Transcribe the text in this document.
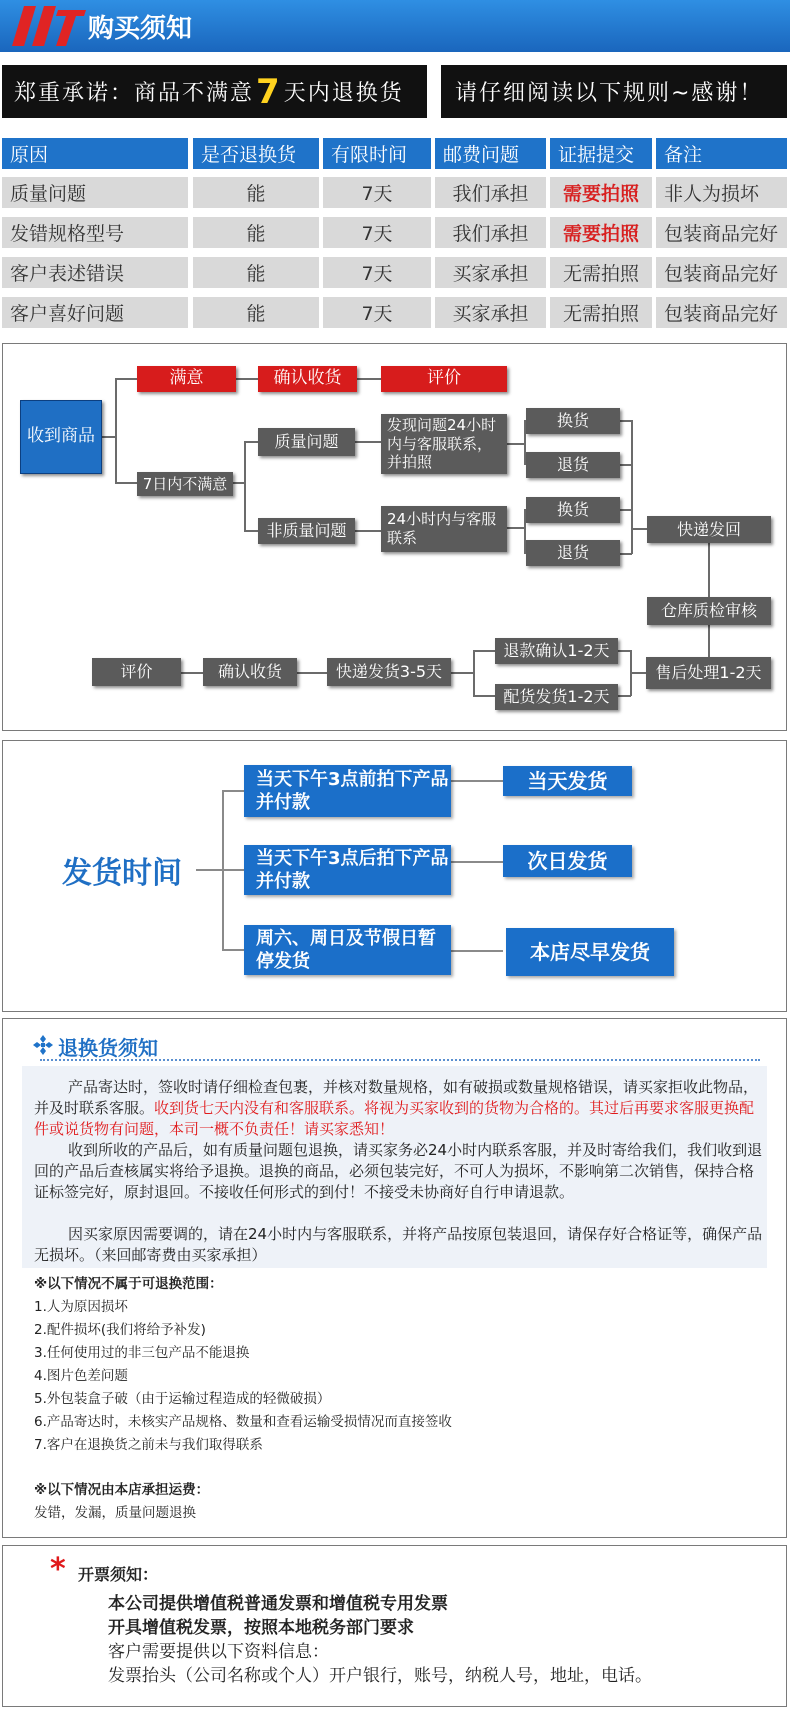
购买须知
郑重承诺：商品不满意 7 天内退换货 请仔细阅读以下规则~感谢！
原因	是否退换货	有限时间	邮费问题	证据提交	备注
质量问题	能	7天	我们承担	需要拍照	非人为损坏
发错规格型号	能	7天	我们承担	需要拍照	包装商品完好
客户表述错误	能	7天	买家承担	无需拍照	包装商品完好
客户喜好问题	能	7天	买家承担	无需拍照	包装商品完好
收到商品
满意	确认收货	评价
7日内不满意
质量问题
非质量问题
发现问题24小时内与客服联系，并拍照
24小时内与客服联系
换货
退货
换货
退货
快递发回
仓库质检审核
售后处理1-2天
退款确认1-2天
配货发货1-2天
快递发货3-5天
确认收货
评价
发货时间
当天下午3点前拍下产品并付款
当天下午3点后拍下产品并付款
周六、周日及节假日暂停发货
当天发货
次日发货
本店尽早发货
退换货须知
产品寄达时，签收时请仔细检查包裹，并核对数量规格，如有破损或数量规格错误，请买家拒收此物品，并及时联系客服。收到货七天内没有和客服联系。将视为买家收到的货物为合格的。其过后再要求客服更换配件或说货物有问题，本司一概不负责任！请买家悉知！
收到所收的产品后，如有质量问题包退换，请买家务必24小时内联系客服，并及时寄给我们，我们收到退回的产品后查核属实将给予退换。退换的商品，必须包装完好，不可人为损坏，不影响第二次销售，保持合格证标签完好，原封退回。不接收任何形式的到付！不接受未协商好自行申请退款。
因买家原因需要调的，请在24小时内与客服联系，并将产品按原包装退回，请保存好合格证等，确保产品无损坏。（来回邮寄费由买家承担）
※以下情况不属于可退换范围：
1.人为原因损坏
2.配件损坏(我们将给予补发)
3.任何使用过的非三包产品不能退换
4.图片色差问题
5.外包装盒子破（由于运输过程造成的轻微破损）
6.产品寄达时，未核实产品规格、数量和查看运输受损情况而直接签收
7.客户在退换货之前未与我们取得联系
※以下情况由本店承担运费：
发错，发漏，质量问题退换
* 开票须知：
本公司提供增值税普通发票和增值税专用发票
开具增值税发票，按照本地税务部门要求
客户需要提供以下资料信息：
发票抬头（公司名称或个人）开户银行，账号，纳税人号，地址，电话。
